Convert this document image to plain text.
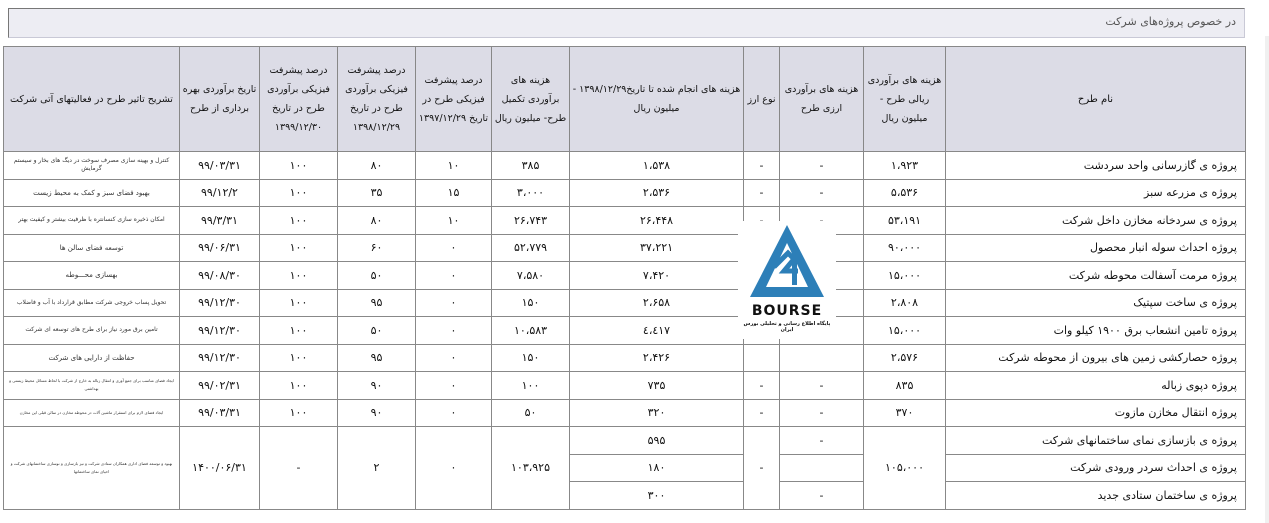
در خصوص پروژه‌های شرکت
نام طرح	هزینه های برآوردی ریالی طرح - میلیون ریال	هزینه های برآوردی ارزی طرح	نوع ارز	هزینه های انجام شده تا تاریخ۱۳۹۸/۱۲/۲۹ - میلیون ریال	هزینه های برآوردی تکمیل طرح- میلیون ریال	درصد پیشرفت فیزیکی طرح در تاریخ ۱۳۹۷/۱۲/۲۹	درصد پیشرفت فیزیکی برآوردی طرح در تاریخ ۱۳۹۸/۱۲/۲۹	درصد پیشرفت فیزیکی برآوردی طرح در تاریخ ۱۳۹۹/۱۲/۳۰	تاریخ برآوردی بهره برداری از طرح	تشریح تاثیر طرح در فعالیتهای آتی شرکت
پروژه ی گازرسانی واحد سردشت	۱،۹۲۳	-	-	۱،۵۳۸	۳۸۵	۱۰	۸۰	۱۰۰	۹۹/۰۳/۳۱	کنترل و بهینه سازی مصرف سوخت در دیگ های بخار و سیستم گرمایش
پروژه ی مزرعه سبز	۵،۵۳۶	-	-	۲،۵۳۶	۳،۰۰۰	۱۵	۳۵	۱۰۰	۹۹/۱۲/۲	بهبود فضای سبز و کمک به محیط زیست
پروژه ی سردخانه مخازن داخل شرکت	۵۳،۱۹۱			۲۶،۴۴۸	۲۶،۷۴۳	۱۰	۸۰	۱۰۰	۹۹/۳/۳۱	امکان ذخیره سازی کنسانتره با ظرفیت بیشتر و کیفیت بهتر
پروژه احداث سوله انبار محصول	۹۰،۰۰۰			۳۷،۲۲۱	۵۲،۷۷۹	۰	۶۰	۱۰۰	۹۹/۰۶/۳۱	توسعه فضای سالن ها
پروژه مرمت آسفالت محوطه شرکت	۱۵،۰۰۰			۷،۴۲۰	۷،۵۸۰	۰	۵۰	۱۰۰	۹۹/۰۸/۳۰	بهسازی محـــوطه
پروژه ی ساخت سپتیک	۲،۸۰۸			۲،۶۵۸	۱۵۰	۰	۹۵	۱۰۰	۹۹/۱۲/۳۰	تحویل پساب خروجی شرکت مطابق قرارداد با آب و فاضلاب
پروژه تامین انشعاب برق ۱۹۰۰ کیلو وات	۱۵،۰۰۰			٤،٤١٧	۱۰،۵۸۳	۰	۵۰	۱۰۰	۹۹/۱۲/۳۰	تامین برق مورد نیاز برای طرح های توسعه ای شرکت
پروژه حصارکشی زمین های بیرون از محوطه شرکت	۲،۵۷۶			۲،۴۲۶	۱۵۰	۰	۹۵	۱۰۰	۹۹/۱۲/۳۰	حفاظت از دارایی های شرکت
پروژه دپوی زباله	۸۳۵	-	-	۷۳۵	۱۰۰	۰	۹۰	۱۰۰	۹۹/۰۲/۳۱	ایجاد فضای مناسب برای جمع آوری و انتقال زباله به خارج از شرکت با لحاظ مسائل محیط زیستی و بهداشتی
پروژه انتقال مخازن مازوت	۳۷۰	-	-	۳۲۰	۵۰	۰	۹۰	۱۰۰	۹۹/۰۳/۳۱	ایجاد فضای لازم برای استقرار ماشین آلات در محوطه مخازن در سالن قبلی این مخازن
پروژه ی بازسازی نمای ساختمانهای شرکت	۱۰۵،۰۰۰	-	-	۵۹۵	۱۰۳،۹۲۵	۰	۲	-	۱۴۰۰/۰۶/۳۱	بهبود و توسعه فضای اداری همکاران ستادی شرکت و نیز بازسازی و نوسازی ساختمانهای شرکت و احیای نمای ساختمانها
پروژه ی احداث سردر ورودی شرکت				۱۸۰						
پروژه ی ساختمان ستادی جدید		-		۳۰۰						
BOURSE
پایگاه اطلاع رسانی و تحلیلی بورس ایران
